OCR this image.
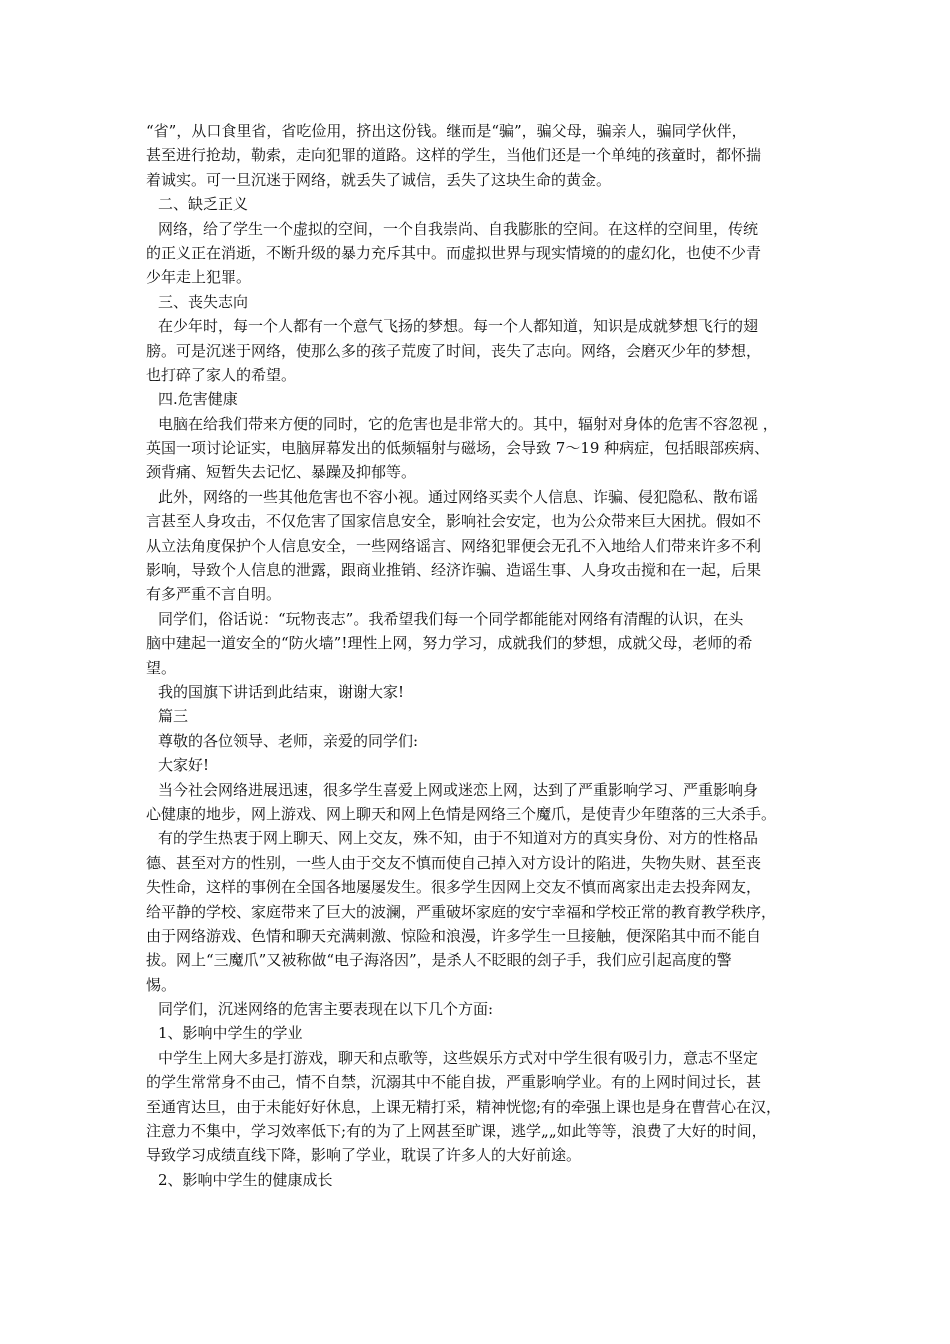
“省”，从口食里省，省吃俭用，挤出这份钱。继而是“骗”，骗父母，骗亲人，骗同学伙伴，
甚至进行抢劫，勒索，走向犯罪的道路。这样的学生，当他们还是一个单纯的孩童时，都怀揣
着诚实。可一旦沉迷于网络，就丢失了诚信，丢失了这块生命的黄金。
二、缺乏正义
网络，给了学生一个虚拟的空间，一个自我崇尚、自我膨胀的空间。在这样的空间里，传统
的正义正在消逝，不断升级的暴力充斥其中。而虚拟世界与现实情境的的虚幻化，也使不少青
少年走上犯罪。
三、丧失志向
在少年时，每一个人都有一个意气飞扬的梦想。每一个人都知道，知识是成就梦想飞行的翅
膀。可是沉迷于网络，使那么多的孩子荒废了时间，丧失了志向。网络，会磨灭少年的梦想，
也打碎了家人的希望。
四.危害健康
电脑在给我们带来方便的同时，它的危害也是非常大的。其中，辐射对身体的危害不容忽视 ，
英国一项讨论证实，电脑屏幕发出的低频辐射与磁场，会导致 7～19 种病症，包括眼部疾病、
颈背痛、短暂失去记忆、暴躁及抑郁等。
此外，网络的一些其他危害也不容小视。通过网络买卖个人信息、诈骗、侵犯隐私、散布谣
言甚至人身攻击，不仅危害了国家信息安全，影响社会安定，也为公众带来巨大困扰。假如不
从立法角度保护个人信息安全，一些网络谣言、网络犯罪便会无孔不入地给人们带来许多不利
影响，导致个人信息的泄露，跟商业推销、经济诈骗、造谣生事、人身攻击搅和在一起，后果
有多严重不言自明。
同学们，俗话说：“玩物丧志”。我希望我们每一个同学都能能对网络有清醒的认识，在头
脑中建起一道安全的“防火墙”!理性上网，努力学习，成就我们的梦想，成就父母，老师的希
望。
我的国旗下讲话到此结束，谢谢大家!
篇三
尊敬的各位领导、老师，亲爱的同学们:
大家好!
当今社会网络进展迅速，很多学生喜爱上网或迷恋上网，达到了严重影响学习、严重影响身
心健康的地步，网上游戏、网上聊天和网上色情是网络三个魔爪，是使青少年堕落的三大杀手。
有的学生热衷于网上聊天、网上交友，殊不知，由于不知道对方的真实身份、对方的性格品
德、甚至对方的性别，一些人由于交友不慎而使自己掉入对方设计的陷进，失物失财、甚至丧
失性命，这样的事例在全国各地屡屡发生。很多学生因网上交友不慎而离家出走去投奔网友，
给平静的学校、家庭带来了巨大的波澜，严重破坏家庭的安宁幸福和学校正常的教育教学秩序，
由于网络游戏、色情和聊天充满刺激、惊险和浪漫，许多学生一旦接触，便深陷其中而不能自
拔。网上“三魔爪”又被称做“电子海洛因”，是杀人不眨眼的刽子手，我们应引起高度的警
惕。
同学们，沉迷网络的危害主要表现在以下几个方面:
1、影响中学生的学业
中学生上网大多是打游戏，聊天和点歌等，这些娱乐方式对中学生很有吸引力，意志不坚定
的学生常常身不由己，情不自禁，沉溺其中不能自拔，严重影响学业。有的上网时间过长，甚
至通宵达旦，由于未能好好休息，上课无精打采，精神恍惚;有的牵强上课也是身在曹营心在汉，
注意力不集中，学习效率低下;有的为了上网甚至旷课，逃学„„如此等等，浪费了大好的时间，
导致学习成绩直线下降，影响了学业，耽误了许多人的大好前途。
2、影响中学生的健康成长
